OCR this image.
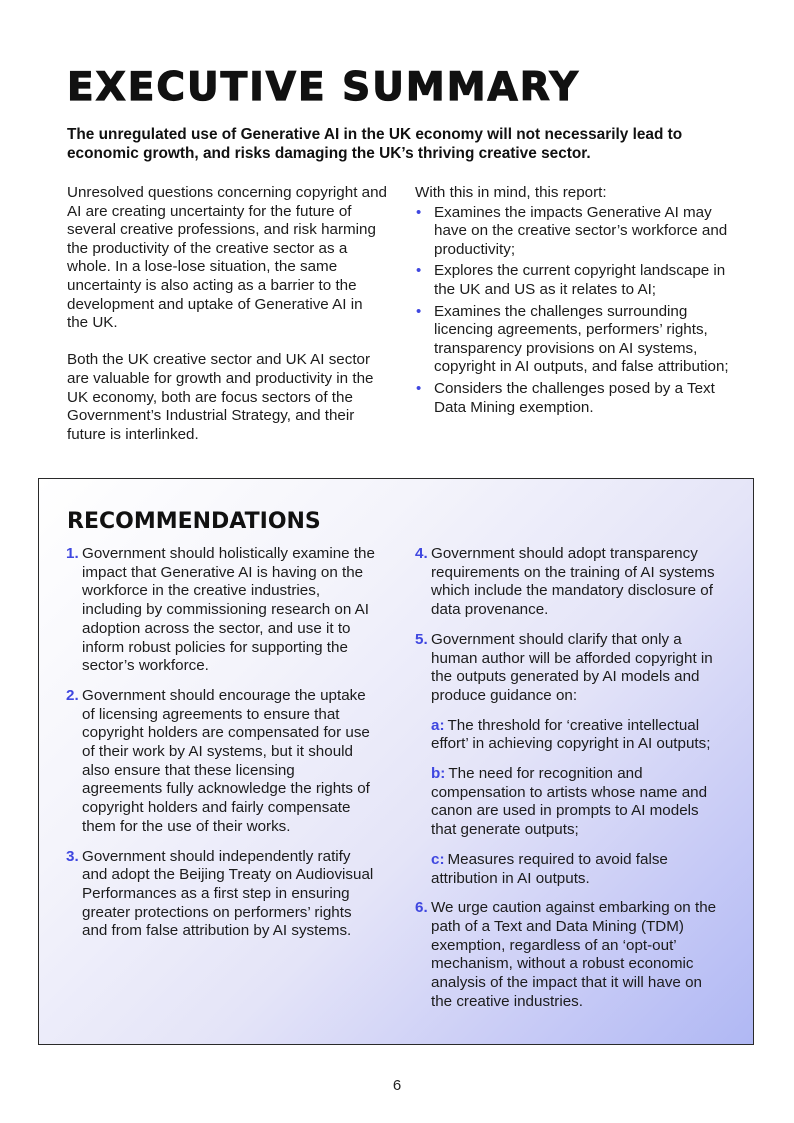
EXECUTIVE SUMMARY

The unregulated use of Generative AI in the UK economy will not necessarily lead to economic growth, and risks damaging the UK’s thriving creative sector.

Unresolved questions concerning copyright and AI are creating uncertainty for the future of several creative professions, and risk harming the productivity of the creative sector as a whole. In a lose-lose situation, the same uncertainty is also acting as a barrier to the development and uptake of Generative AI in the UK.

Both the UK creative sector and UK AI sector are valuable for growth and productivity in the UK economy, both are focus sectors of the Government’s Industrial Strategy, and their future is interlinked.

With this in mind, this report:

• Examines the impacts Generative AI may have on the creative sector’s workforce and productivity;
• Explores the current copyright landscape in the UK and US as it relates to AI;
• Examines the challenges surrounding licencing agreements, performers’ rights, transparency provisions on AI systems, copyright in AI outputs, and false attribution;
• Considers the challenges posed by a Text Data Mining exemption.
RECOMMENDATIONS
1. Government should holistically examine the impact that Generative AI is having on the workforce in the creative industries, including by commissioning research on AI adoption across the sector, and use it to inform robust policies for supporting the sector’s workforce.
2. Government should encourage the uptake of licensing agreements to ensure that copyright holders are compensated for use of their work by AI systems, but it should also ensure that these licensing agreements fully acknowledge the rights of copyright holders and fairly compensate them for the use of their works.
3. Government should independently ratify and adopt the Beijing Treaty on Audiovisual Performances as a first step in ensuring greater protections on performers’ rights and from false attribution by AI systems.
4. Government should adopt transparency requirements on the training of AI systems which include the mandatory disclosure of data provenance.
5. Government should clarify that only a human author will be afforded copyright in the outputs generated by AI models and produce guidance on:
a: The threshold for ‘creative intellectual effort’ in achieving copyright in AI outputs;
b: The need for recognition and compensation to artists whose name and canon are used in prompts to AI models that generate outputs;
c: Measures required to avoid false attribution in AI outputs.
6. We urge caution against embarking on the path of a Text and Data Mining (TDM) exemption, regardless of an ‘opt-out’ mechanism, without a robust economic analysis of the impact that it will have on the creative industries.
6
